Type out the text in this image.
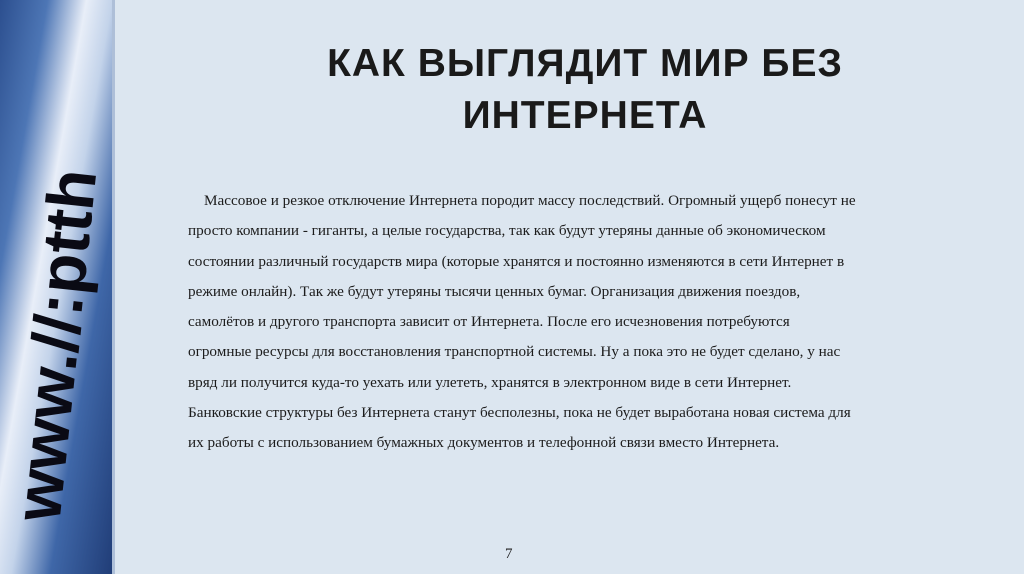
www.//:ptth
КАК ВЫГЛЯДИТ МИР БЕЗ
ИНТЕРНЕТА
Массовое и резкое отключение Интернета породит массу последствий. Огромный ущерб понесут не
просто компании - гиганты, а целые государства, так как будут утеряны данные об экономическом
состоянии различный государств мира (которые хранятся и постоянно изменяются в сети Интернет в
режиме онлайн). Так же будут утеряны тысячи ценных бумаг. Организация движения поездов,
самолётов и другого транспорта зависит от Интернета. После его исчезновения потребуются
огромные ресурсы для восстановления транспортной системы. Ну а пока это не будет сделано, у нас
вряд ли получится куда-то уехать или улететь, хранятся в электронном виде в сети Интернет.
Банковские структуры без Интернета станут бесполезны, пока не будет выработана новая система для
их работы с использованием бумажных документов и телефонной связи вместо Интернета.
7
